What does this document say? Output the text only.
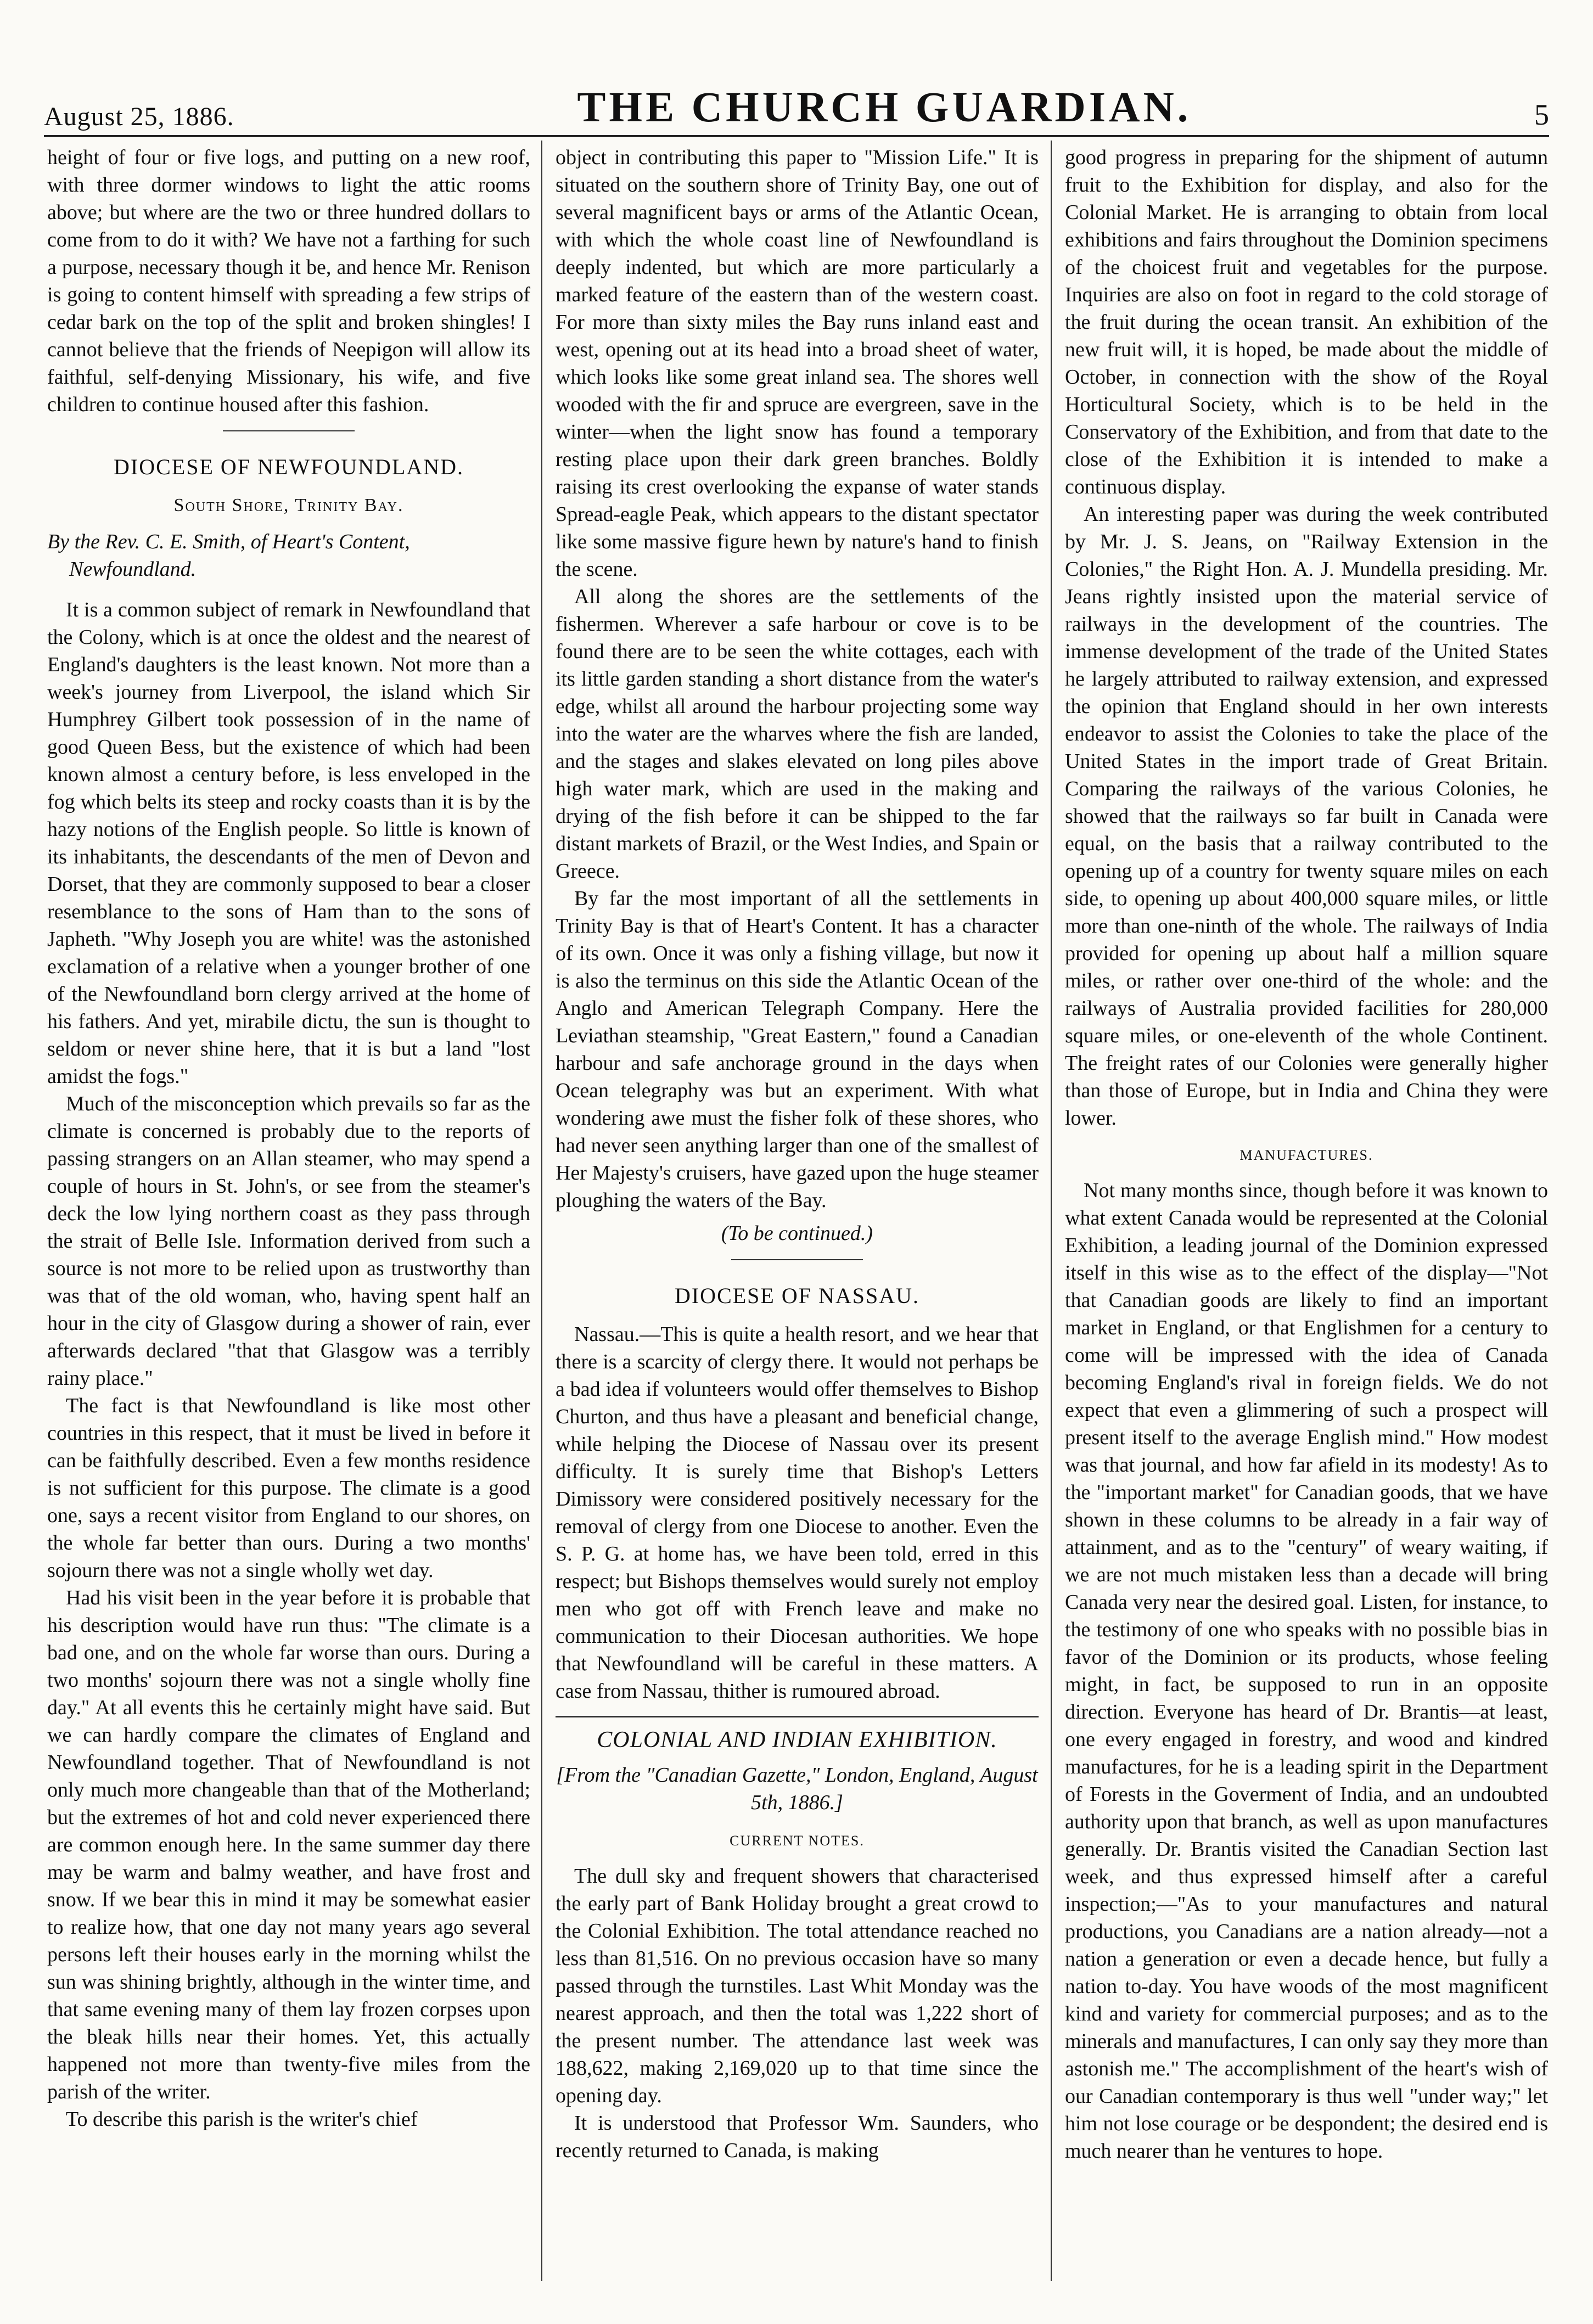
August 25, 1886.	THE CHURCH GUARDIAN.	5

height of four or five logs, and putting on a new roof, with three dormer windows to light the attic rooms above; but where are the two or three hundred dollars to come from to do it with? We have not a farthing for such a purpose, necessary though it be, and hence Mr. Renison is going to content himself with spreading a few strips of cedar bark on the top of the split and broken shingles! I cannot believe that the friends of Neepigon will allow its faithful, self-denying Missionary, his wife, and five children to continue housed after this fashion.

DIOCESE OF NEWFOUNDLAND.
South Shore, Trinity Bay.
By the Rev. C. E. Smith, of Heart's Content, Newfoundland.

It is a common subject of remark in Newfoundland that the Colony, which is at once the oldest and the nearest of England's daughters is the least known. Not more than a week's journey from Liverpool, the island which Sir Humphrey Gilbert took possession of in the name of good Queen Bess, but the existence of which had been known almost a century before, is less enveloped in the fog which belts its steep and rocky coasts than it is by the hazy notions of the English people. So little is known of its inhabitants, the descendants of the men of Devon and Dorset, that they are commonly supposed to bear a closer resemblance to the sons of Ham than to the sons of Japheth. "Why Joseph you are white! was the astonished exclamation of a relative when a younger brother of one of the Newfoundland born clergy arrived at the home of his fathers. And yet, mirabile dictu, the sun is thought to seldom or never shine here, that it is but a land "lost amidst the fogs."

Much of the misconception which prevails so far as the climate is concerned is probably due to the reports of passing strangers on an Allan steamer, who may spend a couple of hours in St. John's, or see from the steamer's deck the low lying northern coast as they pass through the strait of Belle Isle. Information derived from such a source is not more to be relied upon as trustworthy than was that of the old woman, who, having spent half an hour in the city of Glasgow during a shower of rain, ever afterwards declared "that that Glasgow was a terribly rainy place."

The fact is that Newfoundland is like most other countries in this respect, that it must be lived in before it can be faithfully described. Even a few months residence is not sufficient for this purpose. The climate is a good one, says a recent visitor from England to our shores, on the whole far better than ours. During a two months' sojourn there was not a single wholly wet day.

Had his visit been in the year before it is probable that his description would have run thus: "The climate is a bad one, and on the whole far worse than ours. During a two months' sojourn there was not a single wholly fine day." At all events this he certainly might have said. But we can hardly compare the climates of England and Newfoundland together. That of Newfoundland is not only much more changeable than that of the Motherland; but the extremes of hot and cold never experienced there are common enough here. In the same summer day there may be warm and balmy weather, and have frost and snow. If we bear this in mind it may be somewhat easier to realize how, that one day not many years ago several persons left their houses early in the morning whilst the sun was shining brightly, although in the winter time, and that same evening many of them lay frozen corpses upon the bleak hills near their homes. Yet, this actually happened not more than twenty-five miles from the parish of the writer.

To describe this parish is the writer's chief

object in contributing this paper to "Mission Life." It is situated on the southern shore of Trinity Bay, one out of several magnificent bays or arms of the Atlantic Ocean, with which the whole coast line of Newfoundland is deeply indented, but which are more particularly a marked feature of the eastern than of the western coast. For more than sixty miles the Bay runs inland east and west, opening out at its head into a broad sheet of water, which looks like some great inland sea. The shores well wooded with the fir and spruce are evergreen, save in the winter—when the light snow has found a temporary resting place upon their dark green branches. Boldly raising its crest overlooking the expanse of water stands Spread-eagle Peak, which appears to the distant spectator like some massive figure hewn by nature's hand to finish the scene.

All along the shores are the settlements of the fishermen. Wherever a safe harbour or cove is to be found there are to be seen the white cottages, each with its little garden standing a short distance from the water's edge, whilst all around the harbour projecting some way into the water are the wharves where the fish are landed, and the stages and slakes elevated on long piles above high water mark, which are used in the making and drying of the fish before it can be shipped to the far distant markets of Brazil, or the West Indies, and Spain or Greece.

By far the most important of all the settlements in Trinity Bay is that of Heart's Content. It has a character of its own. Once it was only a fishing village, but now it is also the terminus on this side the Atlantic Ocean of the Anglo and American Telegraph Company. Here the Leviathan steamship, "Great Eastern," found a Canadian harbour and safe anchorage ground in the days when Ocean telegraphy was but an experiment. With what wondering awe must the fisher folk of these shores, who had never seen anything larger than one of the smallest of Her Majesty's cruisers, have gazed upon the huge steamer ploughing the waters of the Bay.

(To be continued.)
DIOCESE OF NASSAU.

Nassau.—This is quite a health resort, and we hear that there is a scarcity of clergy there. It would not perhaps be a bad idea if volunteers would offer themselves to Bishop Churton, and thus have a pleasant and beneficial change, while helping the Diocese of Nassau over its present difficulty. It is surely time that Bishop's Letters Dimissory were considered positively necessary for the removal of clergy from one Diocese to another. Even the S. P. G. at home has, we have been told, erred in this respect; but Bishops themselves would surely not employ men who got off with French leave and make no communication to their Diocesan authorities. We hope that Newfoundland will be careful in these matters. A case from Nassau, thither is rumoured abroad.

COLONIAL AND INDIAN EXHIBITION.
[From the "Canadian Gazette," London, England, August 5th, 1886.]
CURRENT NOTES.

The dull sky and frequent showers that characterised the early part of Bank Holiday brought a great crowd to the Colonial Exhibition. The total attendance reached no less than 81,516. On no previous occasion have so many passed through the turnstiles. Last Whit Monday was the nearest approach, and then the total was 1,222 short of the present number. The attendance last week was 188,622, making 2,169,020 up to that time since the opening day.

It is understood that Professor Wm. Saunders, who recently returned to Canada, is making

good progress in preparing for the shipment of autumn fruit to the Exhibition for display, and also for the Colonial Market. He is arranging to obtain from local exhibitions and fairs throughout the Dominion specimens of the choicest fruit and vegetables for the purpose. Inquiries are also on foot in regard to the cold storage of the fruit during the ocean transit. An exhibition of the new fruit will, it is hoped, be made about the middle of October, in connection with the show of the Royal Horticultural Society, which is to be held in the Conservatory of the Exhibition, and from that date to the close of the Exhibition it is intended to make a continuous display.

An interesting paper was during the week contributed by Mr. J. S. Jeans, on "Railway Extension in the Colonies," the Right Hon. A. J. Mundella presiding. Mr. Jeans rightly insisted upon the material service of railways in the development of the countries. The immense development of the trade of the United States he largely attributed to railway extension, and expressed the opinion that England should in her own interests endeavor to assist the Colonies to take the place of the United States in the import trade of Great Britain. Comparing the railways of the various Colonies, he showed that the railways so far built in Canada were equal, on the basis that a railway contributed to the opening up of a country for twenty square miles on each side, to opening up about 400,000 square miles, or little more than one-ninth of the whole. The railways of India provided for opening up about half a million square miles, or rather over one-third of the whole: and the railways of Australia provided facilities for 280,000 square miles, or one-eleventh of the whole Continent. The freight rates of our Colonies were generally higher than those of Europe, but in India and China they were lower.

MANUFACTURES.

Not many months since, though before it was known to what extent Canada would be represented at the Colonial Exhibition, a leading journal of the Dominion expressed itself in this wise as to the effect of the display—"Not that Canadian goods are likely to find an important market in England, or that Englishmen for a century to come will be impressed with the idea of Canada becoming England's rival in foreign fields. We do not expect that even a glimmering of such a prospect will present itself to the average English mind." How modest was that journal, and how far afield in its modesty! As to the "important market" for Canadian goods, that we have shown in these columns to be already in a fair way of attainment, and as to the "century" of weary waiting, if we are not much mistaken less than a decade will bring Canada very near the desired goal. Listen, for instance, to the testimony of one who speaks with no possible bias in favor of the Dominion or its products, whose feeling might, in fact, be supposed to run in an opposite direction. Everyone has heard of Dr. Brantis—at least, one every engaged in forestry, and wood and kindred manufactures, for he is a leading spirit in the Department of Forests in the Goverment of India, and an undoubted authority upon that branch, as well as upon manufactures generally. Dr. Brantis visited the Canadian Section last week, and thus expressed himself after a careful inspection;—"As to your manufactures and natural productions, you Canadians are a nation already—not a nation a generation or even a decade hence, but fully a nation to-day. You have woods of the most magnificent kind and variety for commercial purposes; and as to the minerals and manufactures, I can only say they more than astonish me." The accomplishment of the heart's wish of our Canadian contemporary is thus well "under way;" let him not lose courage or be despondent; the desired end is much nearer than he ventures to hope.
